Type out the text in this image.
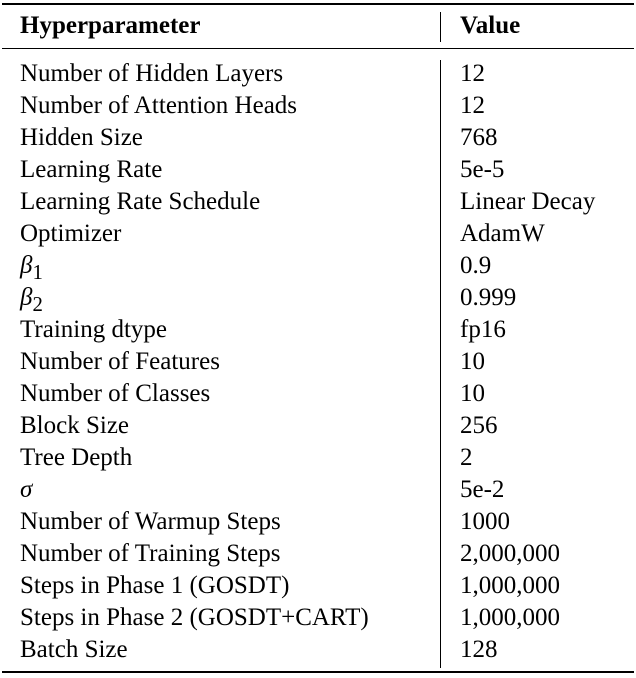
Hyperparameter	Value
Number of Hidden Layers	12
Number of Attention Heads	12
Hidden Size	768
Learning Rate	5e-5
Learning Rate Schedule	Linear Decay
Optimizer	AdamW
$\beta_1$	0.9
$\beta_2$	0.999
Training dtype	fp16
Number of Features	10
Number of Classes	10
Block Size	256
Tree Depth	2
σ	5e-2
Number of Warmup Steps	1000
Number of Training Steps	2,000,000
Steps in Phase 1 (GOSDT)	1,000,000
Steps in Phase 2 (GOSDT+CART)	1,000,000
Batch Size	128
